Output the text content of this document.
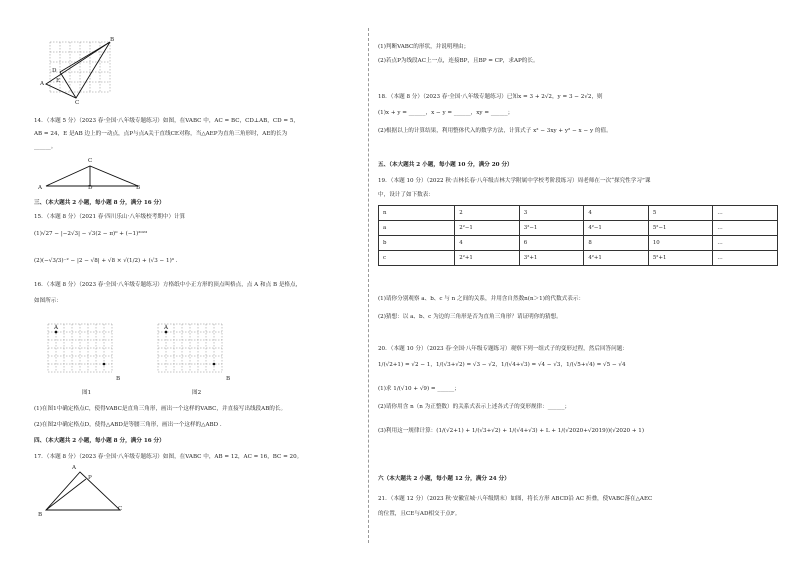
A
B
C
D
E
14．（本题 5 分）（2023 春·全国·八年级专题练习）如图，在VABC 中，AC = BC，CD⊥AB，CD = 5，
AB = 24，E 是AB 边上的一动点，点P与点A关于直线CE对称，当△AEP为直角三角形时，AE的长为
______。
A	B
C
D
三、（本大题共 2 小题，每小题 8 分，满分 16 分）
15．（本题 8 分）（2021 春·四川乐山·八年级校考期中）计算
(1)√27 − |−2√3| − √3(2 − π)⁰ + (−1)²⁰²³
(2)(−√3/3)⁻² − |2 − √8| + √8 × √(1/2) + (√3 − 1)⁰ .
16．（本题 8 分）（2023 春·全国·八年级专题练习）方格纸中小正方形的顶点叫格点，点 A 和点 B 是格点，
如图所示：
A
B
A
B
图1	图2
(1)在图1中确定格点C，使得VABC是直角三角形，画出一个这样的VABC，并直接写出线段AB的长。
(2)在图2中确定格点D，使得△ABD是等腰三角形，画出一个这样的△ABD .
四、（本大题共 2 小题，每小题 8 分，满分 16 分）
17．（本题 8 分）（2023 春·全国·八年级专题练习）如图，在VABC 中，AB = 12，AC = 16，BC = 20。
A
P
B
C
(1)判断VABC的形状，并说明理由；
(2)若点P为线段AC上一点，连接BP，且BP = CP，求AP的长。
18．（本题 8 分）（2023 春·全国·八年级专题练习）已知x = 3 + 2√2，y = 3 − 2√2，则
(1)x + y = ______，x − y = ______，xy = ______；
(2)根据以上的计算结果，利用整体代入的数学方法，计算式子 x² − 3xy + y² − x − y 的值。
五、（本大题共 2 小题，每小题 10 分，满分 20 分）
19．（本题 10 分）（2022 秋·吉林长春·八年级吉林大学附属中学校考阶段练习）周老师在一次“探究性学习”课
中，设计了如下数表：
n	2	3	4	5	…
a	2²−1	3²−1	4²−1	5²−1	…
b	4	6	8	10	…
c	2²+1	3²+1	4²+1	5²+1	…
(1)请你分别观察 a、b、c 与 n 之间的关系，并用含自然数n(n＞1)的代数式表示：
(2)猜想：以 a、b、c 为边的三角形是否为直角三角形？请证明你的猜想。
20．（本题 10 分）（2023 春·全国·八年级专题练习）观察下列一组式子的变形过程，然后回答问题：
1/(√2+1) = √2 − 1，1/(√3+√2) = √3 − √2，1/(√4+√3) = √4 − √3，1/(√5+√4) = √5 − √4
(1)求 1/(√10 + √9) = ______；
(2)请你用含 n（n 为正整数）的关系式表示上述各式子的变形规律：______；
(3)利用这一规律计算：(1/(√2+1) + 1/(√3+√2) + 1/(√4+√3) + L + 1/(√2020+√2019))(√2020 + 1)
六（本大题共 2 小题，每小题 12 分，满分 24 分）
21．（本题 12 分）（2023 秋·安徽宣城·八年级期末）如图，将长方形 ABCD沿 AC 折叠，使VABC落在△AEC
的位置，且CE与AD相交于点F。
